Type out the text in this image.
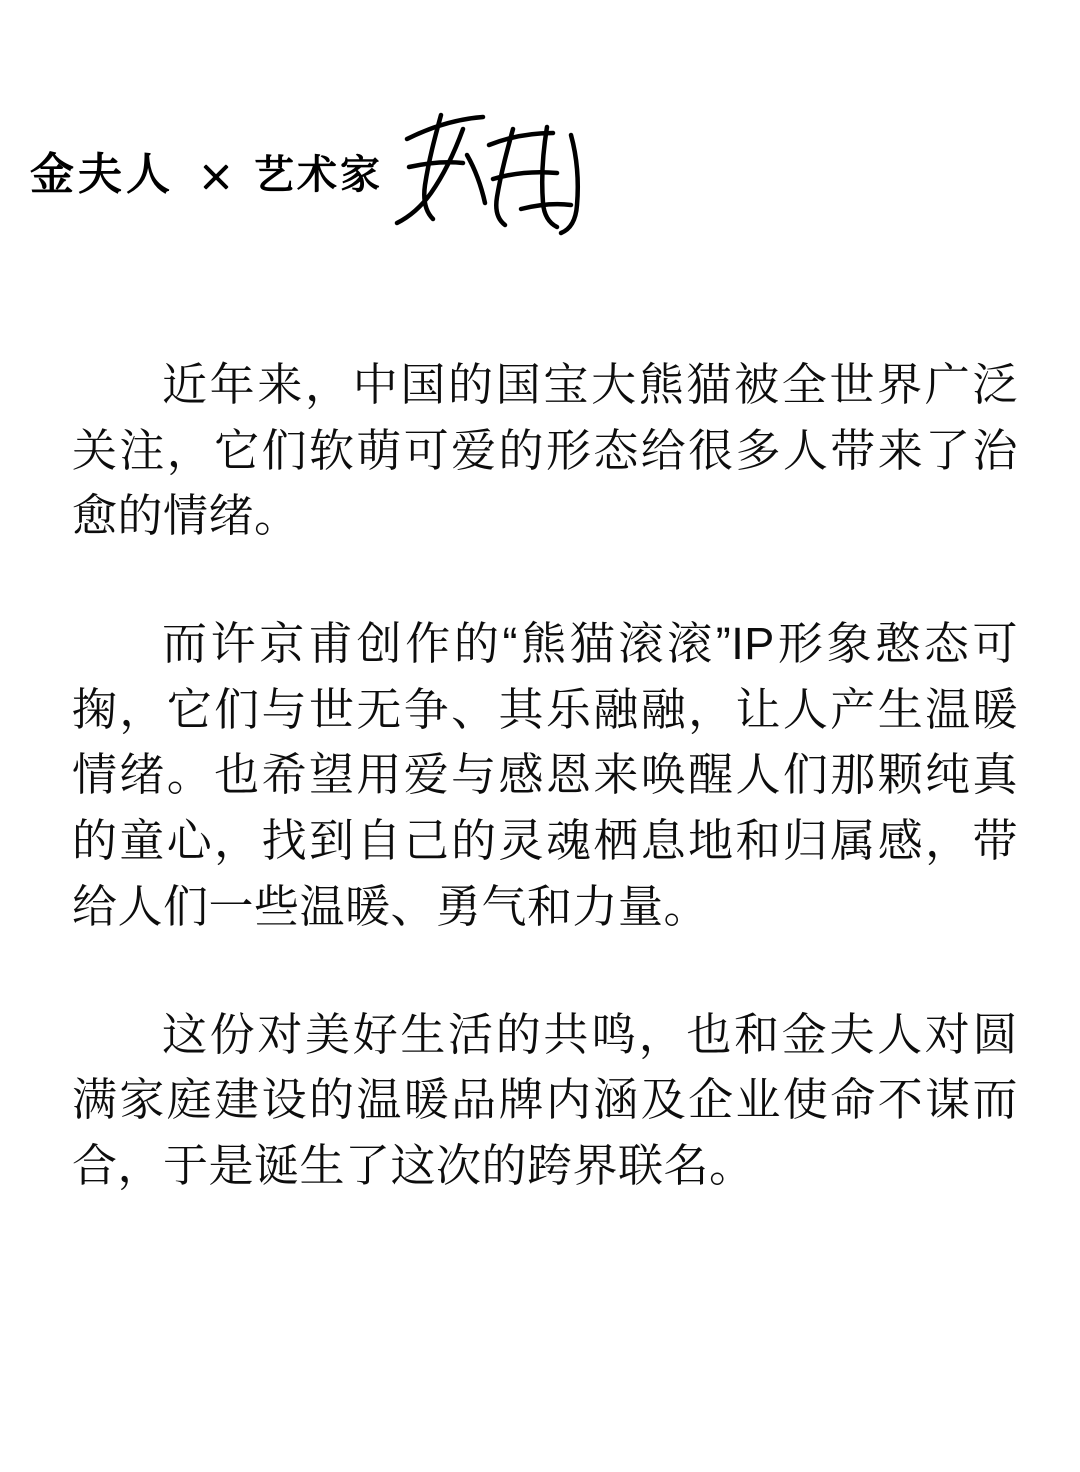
金夫人 艺术家

近年来，中国的国宝大熊猫被全世界广泛关注，它们软萌可爱的形态给很多人带来了治愈的情绪。

而许京甫创作的“熊猫滚滚”IP形象憨态可掬，它们与世无争、其乐融融，让人产生温暖情绪。也希望用爱与感恩来唤醒人们那颗纯真的童心，找到自己的灵魂栖息地和归属感，带给人们一些温暖、勇气和力量。

这份对美好生活的共鸣，也和金夫人对圆满家庭建设的温暖品牌内涵及企业使命不谋而合，于是诞生了这次的跨界联名。
